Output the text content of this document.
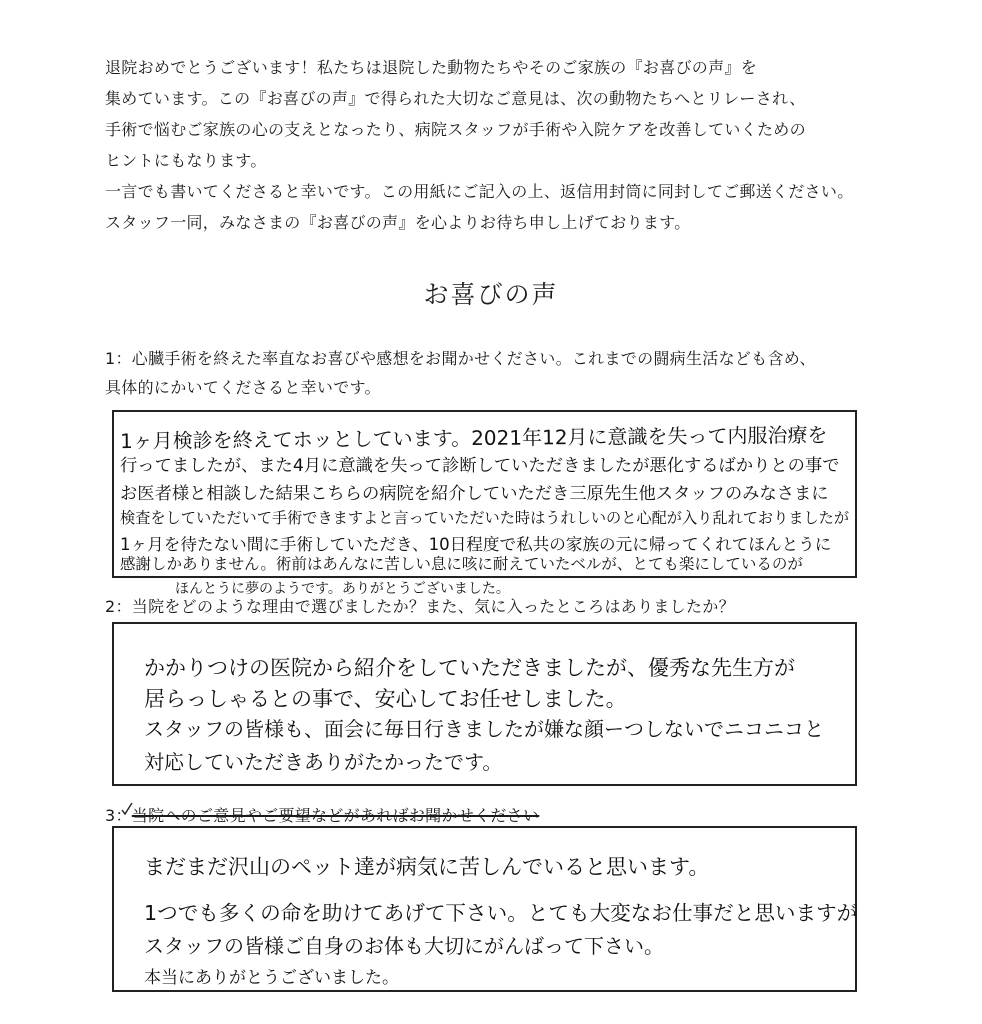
退院おめでとうございます！私たちは退院した動物たちやそのご家族の『お喜びの声』を
集めています。この『お喜びの声』で得られた大切なご意見は、次の動物たちへとリレーされ、
手術で悩むご家族の心の支えとなったり、病院スタッフが手術や入院ケアを改善していくための
ヒントにもなります。
一言でも書いてくださると幸いです。この用紙にご記入の上、返信用封筒に同封してご郵送ください。
スタッフ一同，みなさまの『お喜びの声』を心よりお待ち申し上げております。
お喜びの声
1：心臓手術を終えた率直なお喜びや感想をお聞かせください。これまでの闘病生活なども含め、
具体的にかいてくださると幸いです。
1ヶ月検診を終えてホッとしています。2021年12月に意識を失って内服治療を
行ってましたが、また4月に意識を失って診断していただきましたが悪化するばかりとの事で
お医者様と相談した結果こちらの病院を紹介していただき三原先生他スタッフのみなさまに
検査をしていただいて手術できますよと言っていただいた時はうれしいのと心配が入り乱れておりましたが
1ヶ月を待たない間に手術していただき、10日程度で私共の家族の元に帰ってくれてほんとうに
感謝しかありません。術前はあんなに苦しい息に咳に耐えていたベルが、とても楽にしているのが
ほんとうに夢のようです。ありがとうございました。
2：当院をどのような理由で選びましたか？また、気に入ったところはありましたか？
かかりつけの医院から紹介をしていただきましたが、優秀な先生方が
居らっしゃるとの事で、安心してお任せしました。
スタッフの皆様も、面会に毎日行きましたが嫌な顔ーつしないでニコニコと
対応していただきありがたかったです。
3：当院へのご意見やご要望などがあればお聞かせください
まだまだ沢山のペット達が病気に苦しんでいると思います。
1つでも多くの命を助けてあげて下さい。とても大変なお仕事だと思いますが
スタッフの皆様ご自身のお体も大切にがんばって下さい。
本当にありがとうございました。
